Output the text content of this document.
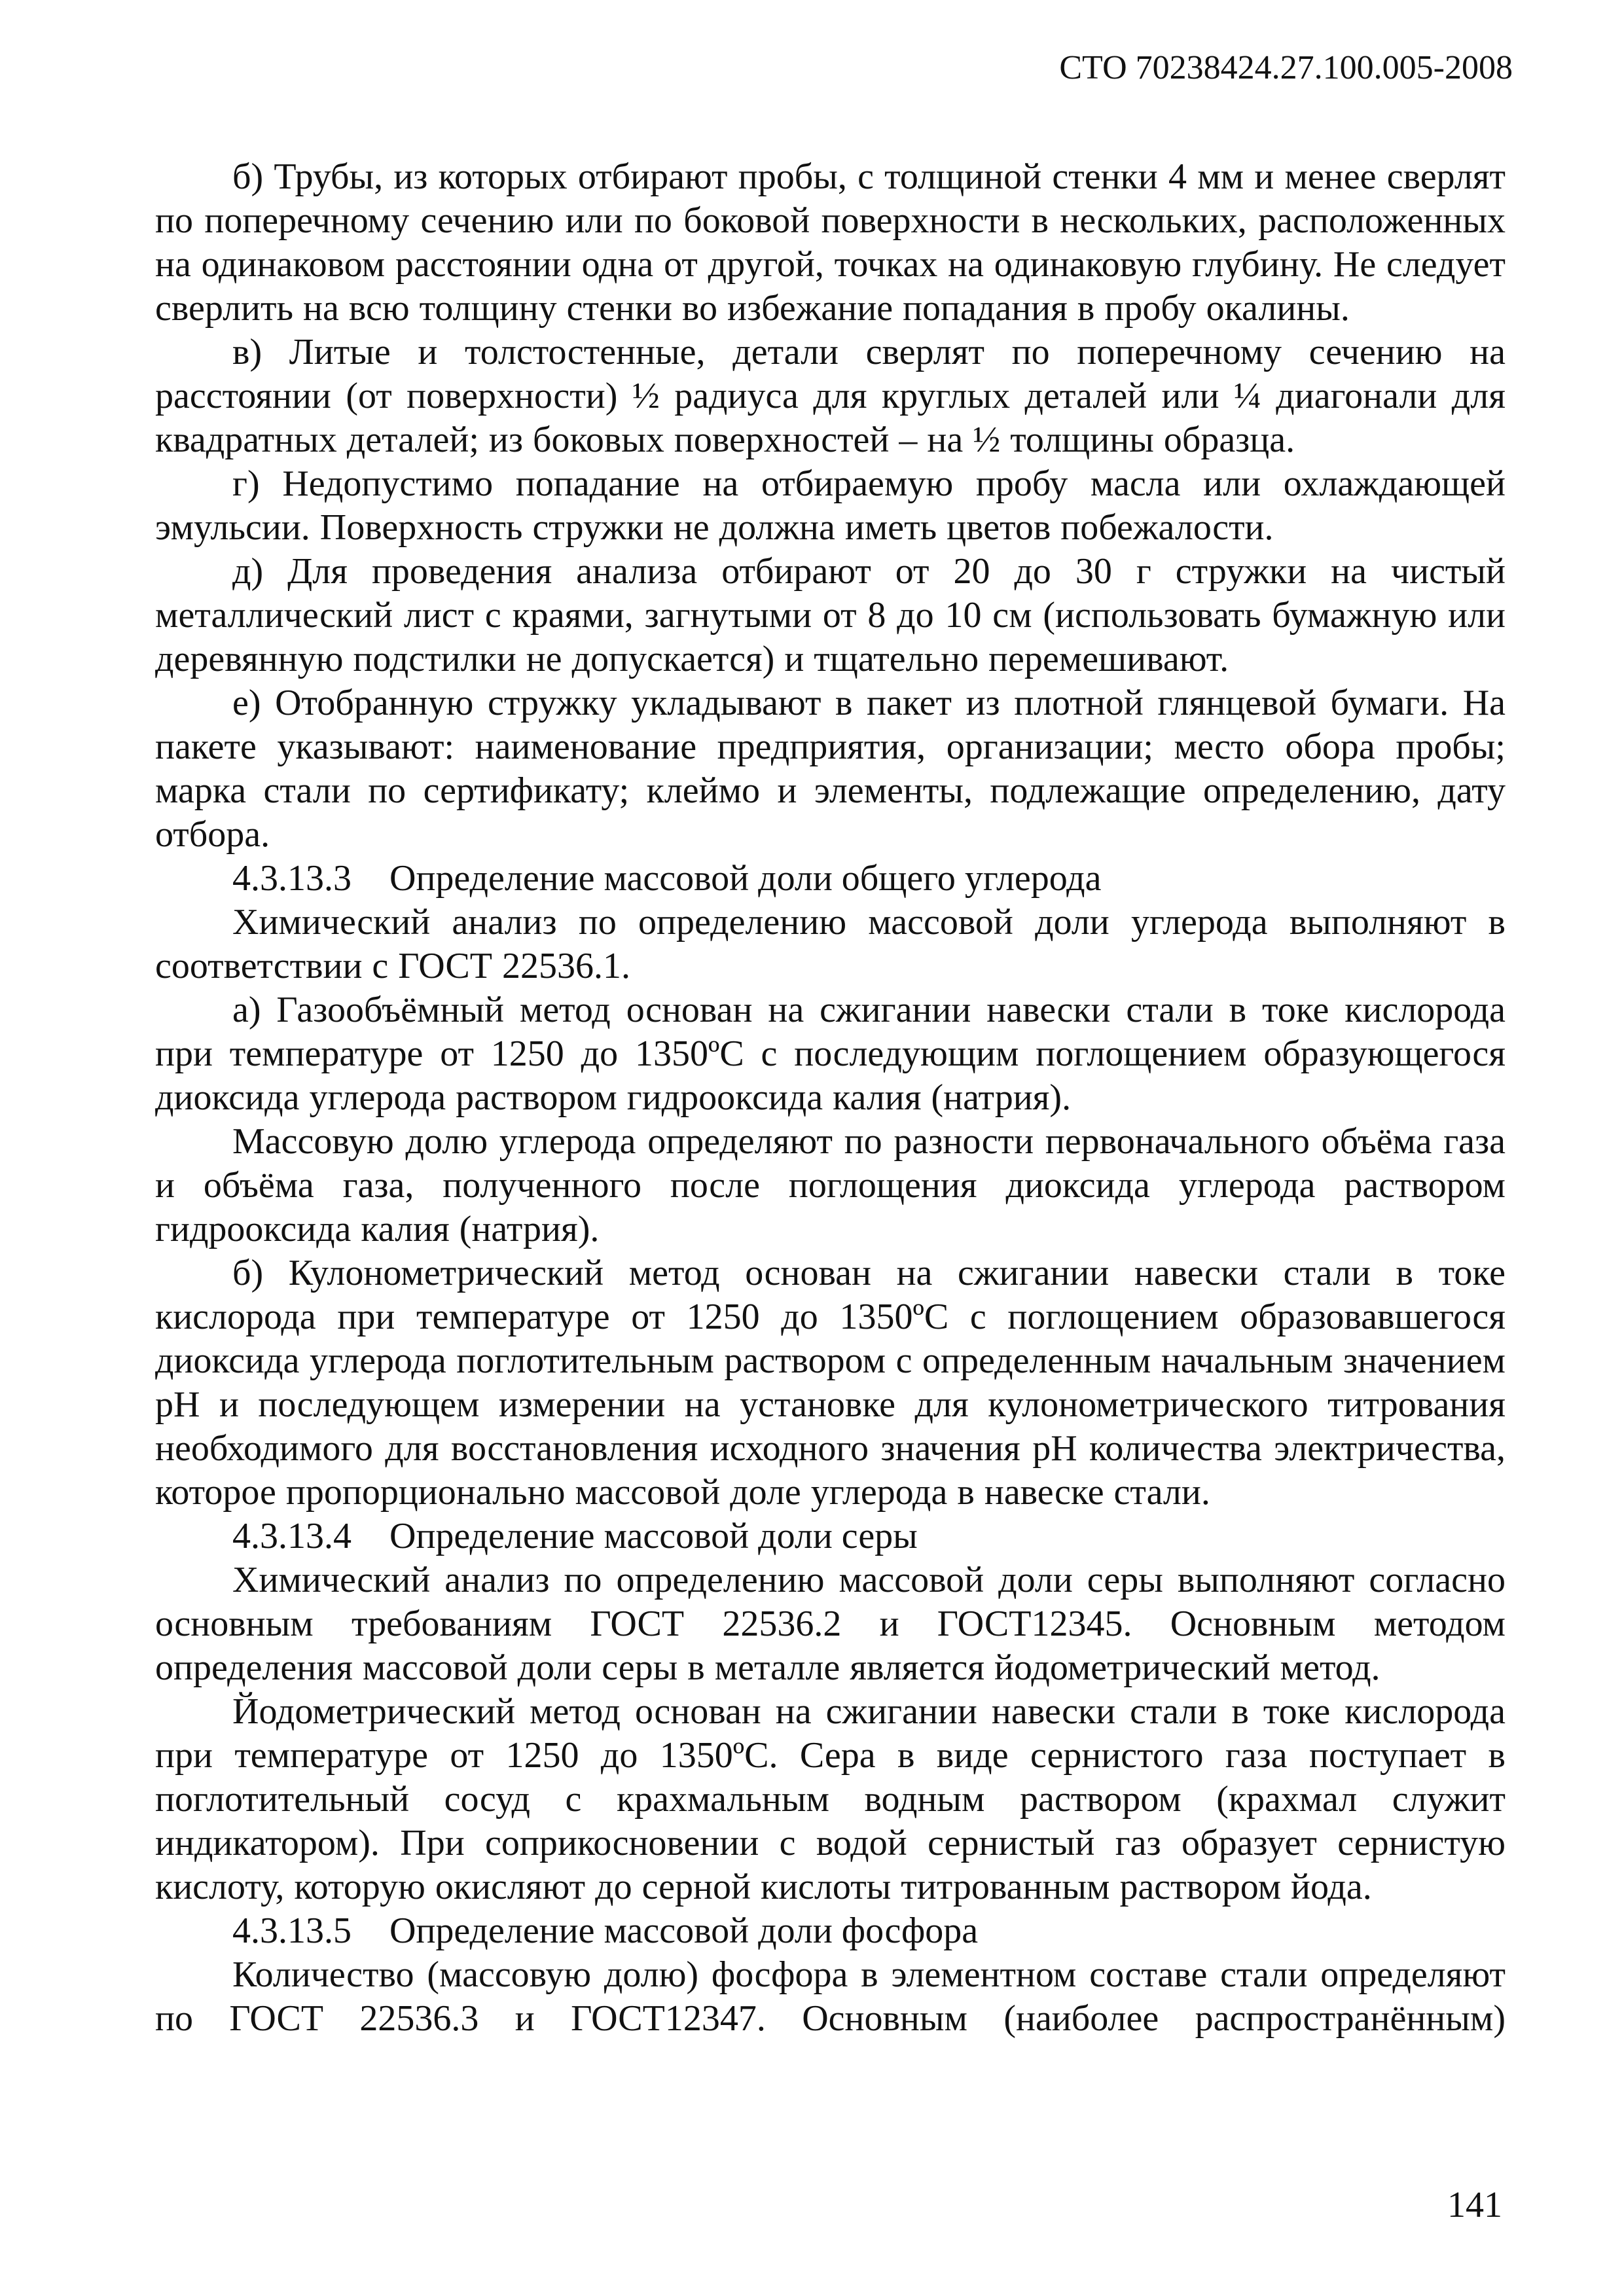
СТО 70238424.27.100.005-2008

б) Трубы, из которых отбирают пробы, с толщиной стенки 4 мм и менее сверлят по поперечному сечению или по боковой поверхности в нескольких, расположенных на одинаковом расстоянии одна от другой, точках на одинаковую глубину. Не следует сверлить на всю толщину стенки во избежание попадания в пробу окалины.

в) Литые и толстостенные, детали сверлят по поперечному сечению на расстоянии (от поверхности) ½ радиуса для круглых деталей или ¼ диагонали для квадратных деталей; из боковых поверхностей – на ½ толщины образца.

г) Недопустимо попадание на отбираемую пробу масла или охлаждающей эмульсии. Поверхность стружки не должна иметь цветов побежалости.

д) Для проведения анализа отбирают от 20 до 30 г стружки на чистый металлический лист с краями, загнутыми от 8 до 10 см (использовать бумажную или деревянную подстилки не допускается) и тщательно перемешивают.

е) Отобранную стружку укладывают в пакет из плотной глянцевой бумаги. На пакете указывают: наименование предприятия, организации; место обора пробы; марка стали по сертификату; клеймо и элементы, подлежащие определению, дату отбора.

4.3.13.3 Определение массовой доли общего углерода

Химический анализ по определению массовой доли углерода выполняют в соответствии с ГОСТ 22536.1.

а) Газообъёмный метод основан на сжигании навески стали в токе кислорода при температуре от 1250 до 1350ºС с последующим поглощением образующегося диоксида углерода раствором гидрооксида калия (натрия).

Массовую долю углерода определяют по разности первоначального объёма газа и объёма газа, полученного после поглощения диоксида углерода раствором гидрооксида калия (натрия).

б) Кулонометрический метод основан на сжигании навески стали в токе кислорода при температуре от 1250 до 1350ºС с поглощением образовавшегося диоксида углерода поглотительным раствором с определенным начальным значением рН и последующем измерении на установке для кулонометрического титрования необходимого для восстановления исходного значения рН количества электричества, которое пропорционально массовой доле углерода в навеске стали.

4.3.13.4 Определение массовой доли серы

Химический анализ по определению массовой доли серы выполняют согласно основным требованиям ГОСТ 22536.2 и ГОСТ12345. Основным методом определения массовой доли серы в металле является йодометрический метод.

Йодометрический метод основан на сжигании навески стали в токе кислорода при температуре от 1250 до 1350ºС. Сера в виде сернистого газа поступает в поглотительный сосуд с крахмальным водным раствором (крахмал служит индикатором). При соприкосновении с водой сернистый газ образует сернистую кислоту, которую окисляют до серной кислоты титрованным раствором йода.

4.3.13.5 Определение массовой доли фосфора

Количество (массовую долю) фосфора в элементном составе стали определяют по ГОСТ 22536.3 и ГОСТ12347. Основным (наиболее распространённым)

141
